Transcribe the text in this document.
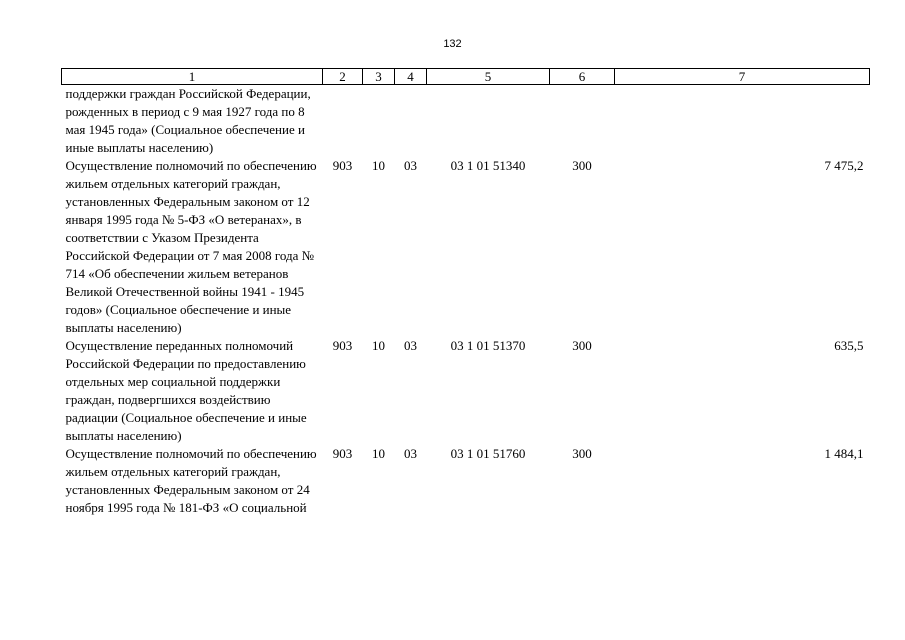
132
1	2	3	4	5	6	7
поддержки граждан Российской Федерации, рожденных в период с 9 мая 1927 года по 8 мая 1945 года» (Социальное обеспечение и иные выплаты населению)						
Осуществление полномочий по обеспечению жильем отдельных категорий граждан, установленных Федеральным законом от 12 января 1995 года № 5-ФЗ «О ветеранах», в соответствии с Указом Президента Российской Федерации от 7 мая 2008 года № 714 «Об обеспечении жильем ветеранов Великой Отечественной войны 1941 - 1945 годов» (Социальное обеспечение и иные выплаты населению)	903	10	03	03 1 01 51340	300	7 475,2
Осуществление переданных полномочий Российской Федерации по предоставлению отдельных мер социальной поддержки граждан, подвергшихся воздействию радиации (Социальное обеспечение и иные выплаты населению)	903	10	03	03 1 01 51370	300	635,5
Осуществление полномочий по обеспечению жильем отдельных категорий граждан, установленных Федеральным законом от 24 ноября 1995 года № 181-ФЗ «О социальной	903	10	03	03 1 01 51760	300	1 484,1
